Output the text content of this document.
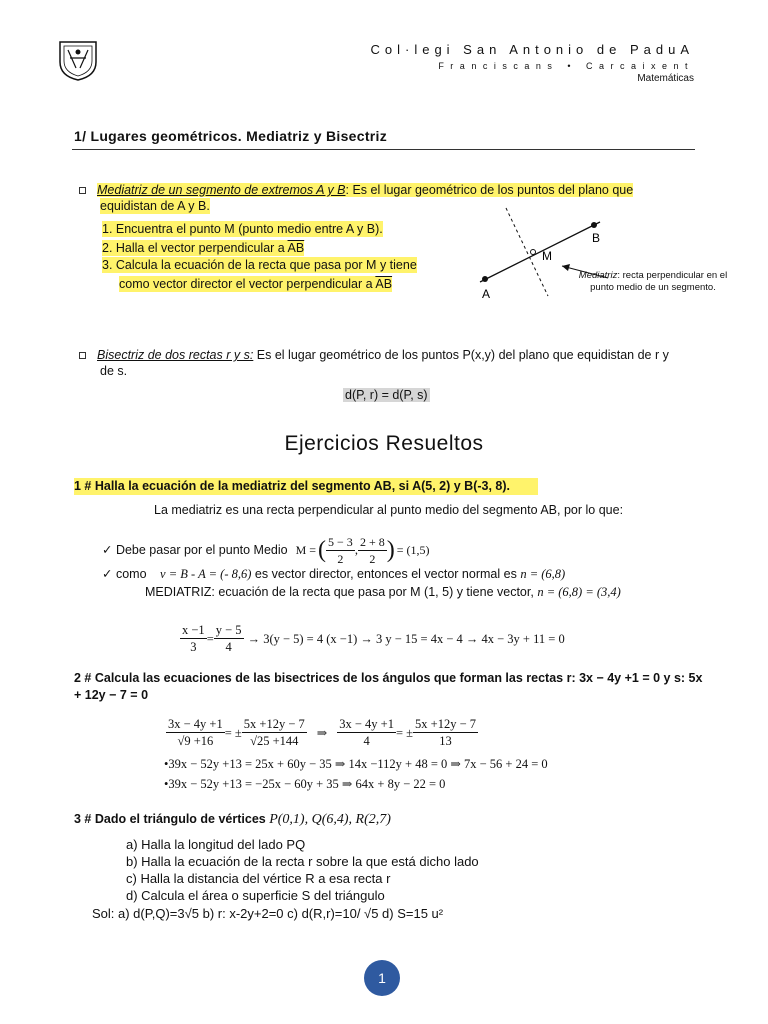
Col·legi San Antonio de PaduA
Franciscans • Carcaixent
Matemáticas
1/ Lugares geométricos. Mediatriz y Bisectriz
Mediatriz de un segmento de extremos A y B: Es el lugar geométrico de los puntos del plano que
equidistan de A y B.
1. Encuentra el punto M (punto medio entre A y B).
2. Halla el vector perpendicular a $\overline{AB}$
3. Calcula la ecuación de la recta que pasa por M y tiene
como vector director el vector perpendicular a $\overline{AB}$
A
B
M
Mediatriz: recta perpendicular en el punto medio de un segmento.
Bisectriz de dos rectas r y s: Es el lugar geométrico de los puntos P(x,y) del plano que equidistan de r y
de s.
d(P, r) = d(P, s)
Ejercicios Resueltos
1 # Halla la ecuación de la mediatriz del segmento AB, si A(5, 2) y B(-3, 8).
La mediatriz es una recta perpendicular al punto medio del segmento AB, por lo que:
✓ Debe pasar por el punto Medio M = ( $\frac{5 - 3}{2}$ , $\frac{2 + 8}{2}$ ) = (1,5)
✓ como v = B - A = (- 8,6) es vector director, entonces el vector normal es n = (6,8)
MEDIATRIZ: ecuación de la recta que pasa por M (1, 5) y tiene vector, n = (6,8) = (3,4)
$\frac{x -1}{3} = \frac{y - 5}{4} \to 3(y - 5) = 4$ (x −1) → 3 y − 15 = 4x − 4 → 4x − 3y + 11 = 0
2 # Calcula las ecuaciones de las bisectrices de los ángulos que forman las rectas r: 3x − 4y +1 = 0 y s: 5x
+ 12y − 7 = 0
$\frac{3x - 4y +1}{√9 +16}$ = ± $\frac{5x +12y - 7}{√25 +144}$ ⇒ $\frac{3x - 4y +1}{4}$ = ± $\frac{5x +12y - 7}{13}$
•39x − 52y +13 = 25x + 60y − 35 ⇒ 14x −112y + 48 = 0 ⇒ 7x − 56 + 24 = 0
•39x − 52y +13 = −25x − 60y + 35 ⇒ 64x + 8y − 22 = 0
3 # Dado el triángulo de vértices P(0,1), Q(6,4), R(2,7)
a) Halla la longitud del lado PQ
b) Halla la ecuación de la recta r sobre la que está dicho lado
c) Halla la distancia del vértice R a esa recta r
d) Calcula el área o superficie S del triángulo
Sol: a) d(P,Q)=3√5 b) r: x-2y+2=0 c) d(R,r)=10/ √5 d) S=15 u²
1
